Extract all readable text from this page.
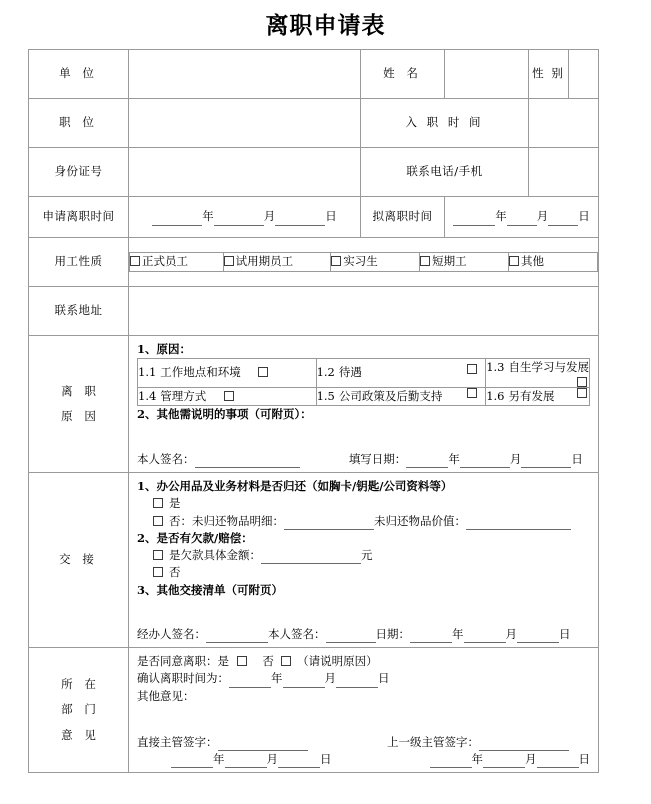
离职申请表
单 位		姓 名		性 别	
职 位		入 职 时 间	
身份证号		联系电话/手机	
申请离职时间	年	月	日	拟离职时间	年	月	日
用工性质		正式员工	试用期员工	实习生	短期工	其他

联系地址	

离 职
原 因

1、原因：
1.1 工作地点和环境	1.2 待遇	1.3 自生学习与发展

1.4 管理方式	1.5 公司政策及后勤支持	1.6 另有发展
2、其他需说明的事项（可附页）：
本人签名：	填写日期：	年	月	日

交 接	
1、办公用品及业务材料是否归还（如胸卡/钥匙/公司资料等）
是
否：未归还物品明细：	未归还物品价值：
2、是否有欠款/赔偿：
是欠款具体金额：	元
否
3、其他交接清单（可附页）
经办人签名：	本人签名：	日期：	年	月	日

所 在
部 门
意 见

是否同意离职：是	否 （请说明原因）
确认离职时间为：	年	月	日
其他意见：
直接主管签字：	上一级主管签字：
年	月	日	年	月	日
